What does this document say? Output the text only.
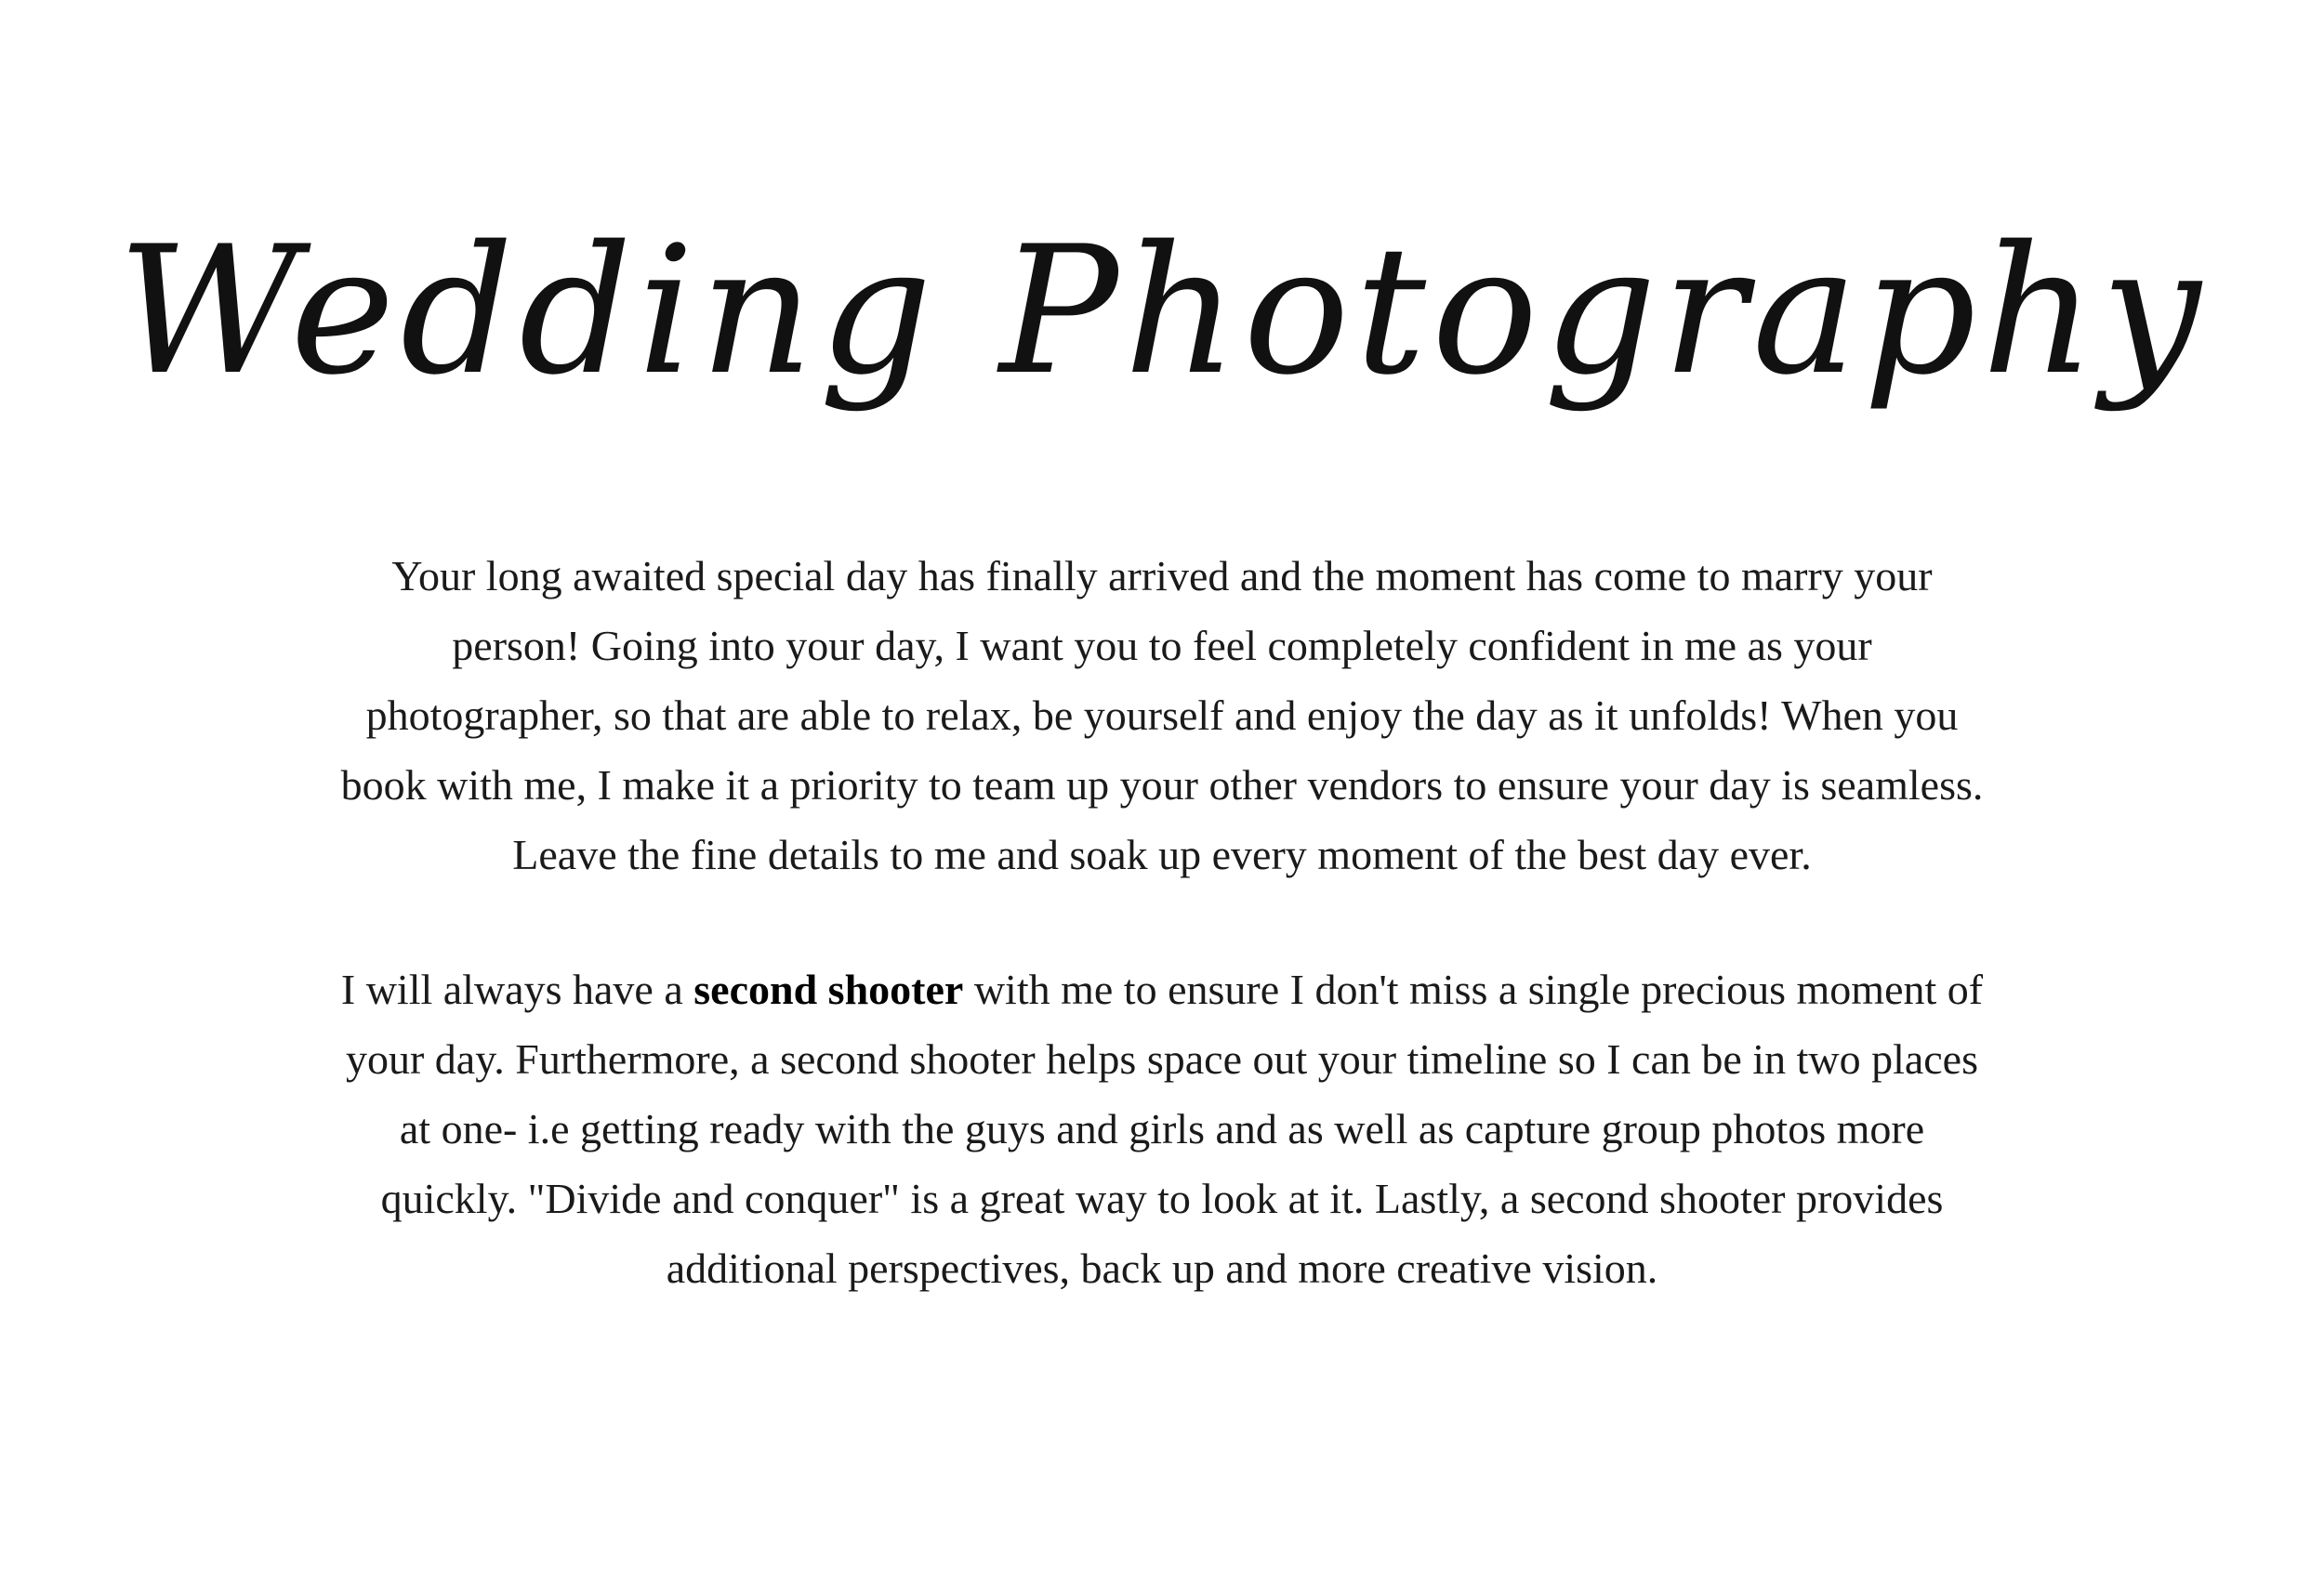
Wedding Photography
Your long awaited special day has finally arrived and the moment has come to marry your
person! Going into your day, I want you to feel completely confident in me as your
photographer, so that are able to relax, be yourself and enjoy the day as it unfolds! When you
book with me, I make it a priority to team up your other vendors to ensure your day is seamless.
Leave the fine details to me and soak up every moment of the best day ever.
I will always have a second shooter with me to ensure I don't miss a single precious moment of
your day. Furthermore, a second shooter helps space out your timeline so I can be in two places
at one- i.e getting ready with the guys and girls and as well as capture group photos more
quickly. "Divide and conquer" is a great way to look at it. Lastly, a second shooter provides
additional perspectives, back up and more creative vision.
